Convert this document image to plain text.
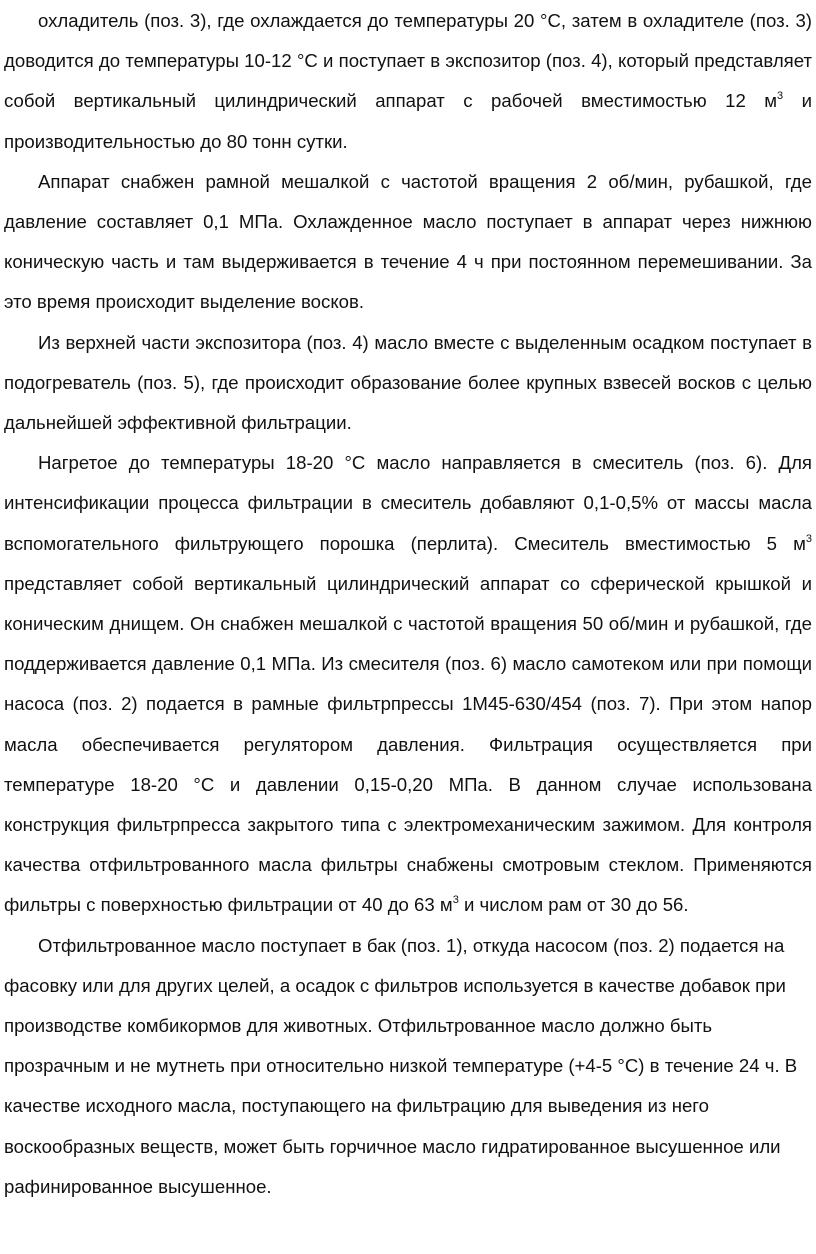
охладитель (поз. 3), где охлаждается до температуры 20 °С, затем в охладителе (поз. 3) доводится до температуры 10-12 °С и поступает в экспозитор (поз. 4), который представляет собой вертикальный цилиндрический аппарат с рабочей вместимостью 12 $м^3$ и производительностью до 80 тонн сутки.

Аппарат снабжен рамной мешалкой с частотой вращения 2 об/мин, рубашкой, где давление составляет 0,1 МПа. Охлажденное масло поступает в аппарат через нижнюю коническую часть и там выдерживается в течение 4 ч при постоянном перемешивании. За это время происходит выделение восков.

Из верхней части экспозитора (поз. 4) масло вместе с выделенным осадком поступает в подогреватель (поз. 5), где происходит образование более крупных взвесей восков с целью дальнейшей эффективной фильтрации.

Нагретое до температуры 18-20 °С масло направляется в смеситель (поз. 6). Для интенсификации процесса фильтрации в смеситель добавляют 0,1-0,5% от массы масла вспомогательного фильтрующего порошка (перлита). Смеситель вместимостью 5 $м^3$ представляет собой вертикальный цилиндрический аппарат со сферической крышкой и коническим днищем. Он снабжен мешалкой с частотой вращения 50 об/мин и рубашкой, где поддерживается давление 0,1 МПа. Из смесителя (поз. 6) масло самотеком или при помощи насоса (поз. 2) подается в рамные фильтрпрессы 1М45-630/454 (поз. 7). При этом напор масла обеспечивается регулятором давления. Фильтрация осуществляется при температуре 18-20 °С и давлении 0,15-0,20 МПа. В данном случае использована конструкция фильтрпресса закрытого типа с электромеханическим зажимом. Для контроля качества отфильтрованного масла фильтры снабжены смотровым стеклом. Применяются фильтры с поверхностью фильтрации от 40 до 63 $м^3$ и числом рам от 30 до 56.

Отфильтрованное масло поступает в бак (поз. 1), откуда насосом (поз. 2) подается на фасовку или для других целей, а осадок с фильтров используется в качестве добавок при производстве комбикормов для животных. Отфильтрованное масло должно быть прозрачным и не мутнеть при относительно низкой температуре (+4-5 °С) в течение 24 ч. В качестве исходного масла, поступающего на фильтрацию для выведения из него воскообразных веществ, может быть горчичное масло гидратированное высушенное или рафинированное высушенное.
